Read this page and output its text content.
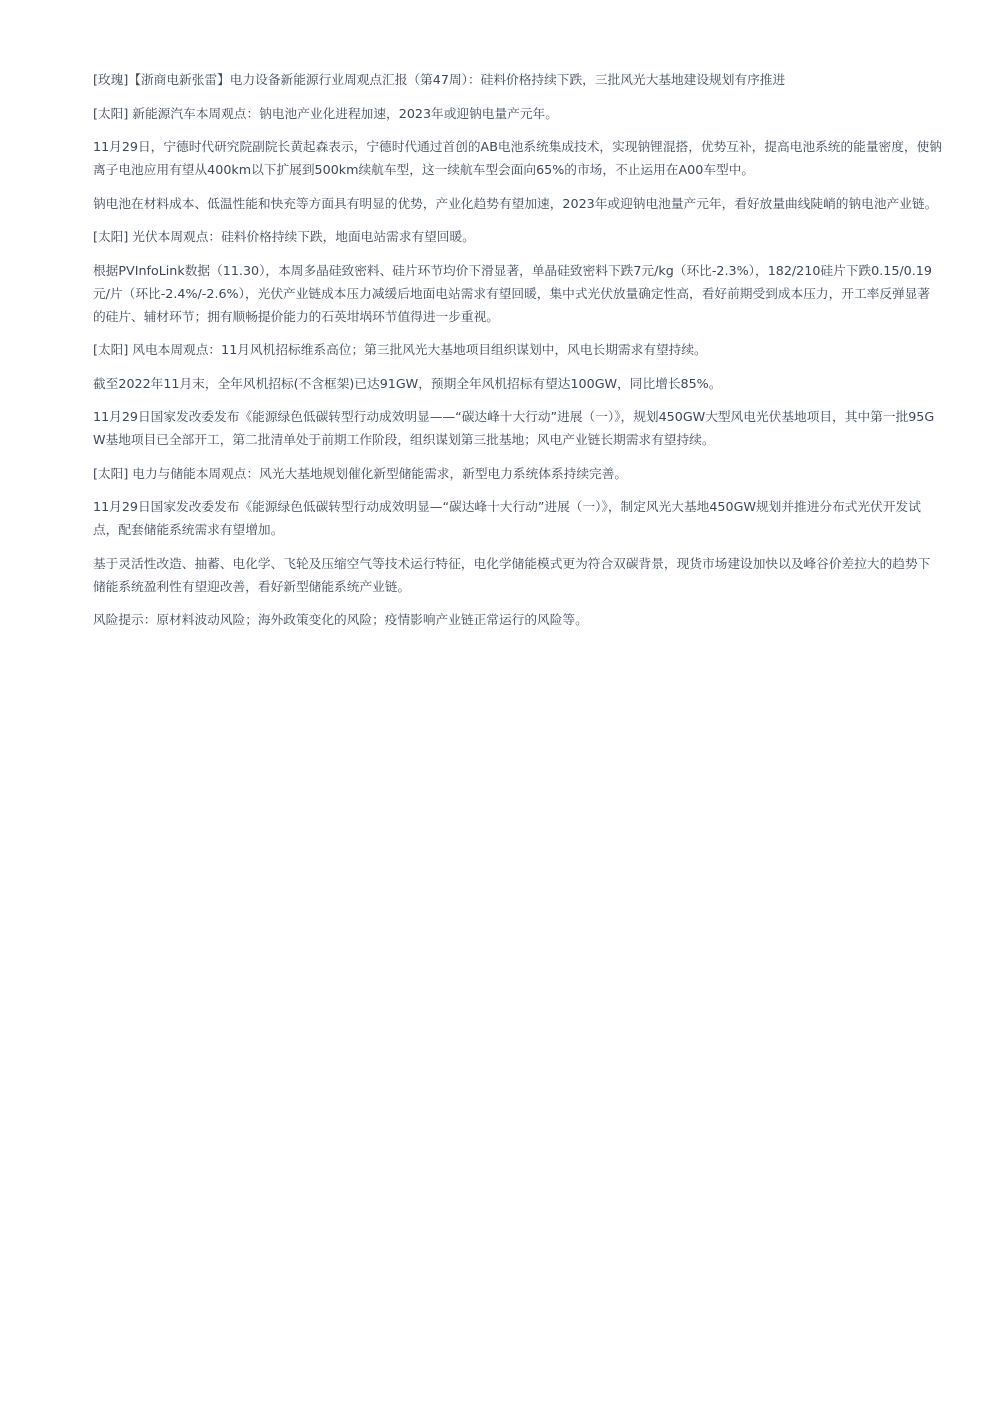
[玫瑰]【浙商电新张雷】电力设备新能源行业周观点汇报（第47周）：硅料价格持续下跌，三批风光大基地建设规划有序推进

[太阳] 新能源汽车本周观点：钠电池产业化进程加速，2023年或迎钠电量产元年。

11月29日，宁德时代研究院副院长黄起森表示，宁德时代通过首创的AB电池系统集成技术，实现钠锂混搭，优势互补，提高电池系统的能量密度，使钠离子电池应用有望从400km以下扩展到500km续航车型，这一续航车型会面向65%的市场，不止运用在A00车型中。

钠电池在材料成本、低温性能和快充等方面具有明显的优势，产业化趋势有望加速，2023年或迎钠电池量产元年，看好放量曲线陡峭的钠电池产业链。

[太阳] 光伏本周观点：硅料价格持续下跌，地面电站需求有望回暖。

根据PVInfoLink数据（11.30），本周多晶硅致密料、硅片环节均价下滑显著，单晶硅致密料下跌7元/kg（环比-2.3%），182/210硅片下跌0.15/0.19元/片（环比-2.4%/-2.6%），光伏产业链成本压力减缓后地面电站需求有望回暖，集中式光伏放量确定性高，看好前期受到成本压力，开工率反弹显著的硅片、辅材环节；拥有顺畅提价能力的石英坩埚环节值得进一步重视。

[太阳] 风电本周观点：11月风机招标维系高位；第三批风光大基地项目组织谋划中，风电长期需求有望持续。

截至2022年11月末，全年风机招标(不含框架)已达91GW，预期全年风机招标有望达100GW，同比增长85%。

11月29日国家发改委发布《能源绿色低碳转型行动成效明显——“碳达峰十大行动”进展（一）》，规划450GW大型风电光伏基地项目，其中第一批95GW基地项目已全部开工，第二批清单处于前期工作阶段，组织谋划第三批基地；风电产业链长期需求有望持续。

[太阳] 电力与储能本周观点：风光大基地规划催化新型储能需求，新型电力系统体系持续完善。

11月29日国家发改委发布《能源绿色低碳转型行动成效明显—“碳达峰十大行动”进展（一）》，制定风光大基地450GW规划并推进分布式光伏开发试点，配套储能系统需求有望增加。

基于灵活性改造、抽蓄、电化学、飞轮及压缩空气等技术运行特征，电化学储能模式更为符合双碳背景，现货市场建设加快以及峰谷价差拉大的趋势下储能系统盈利性有望迎改善，看好新型储能系统产业链。

风险提示：原材料波动风险；海外政策变化的风险；疫情影响产业链正常运行的风险等。
